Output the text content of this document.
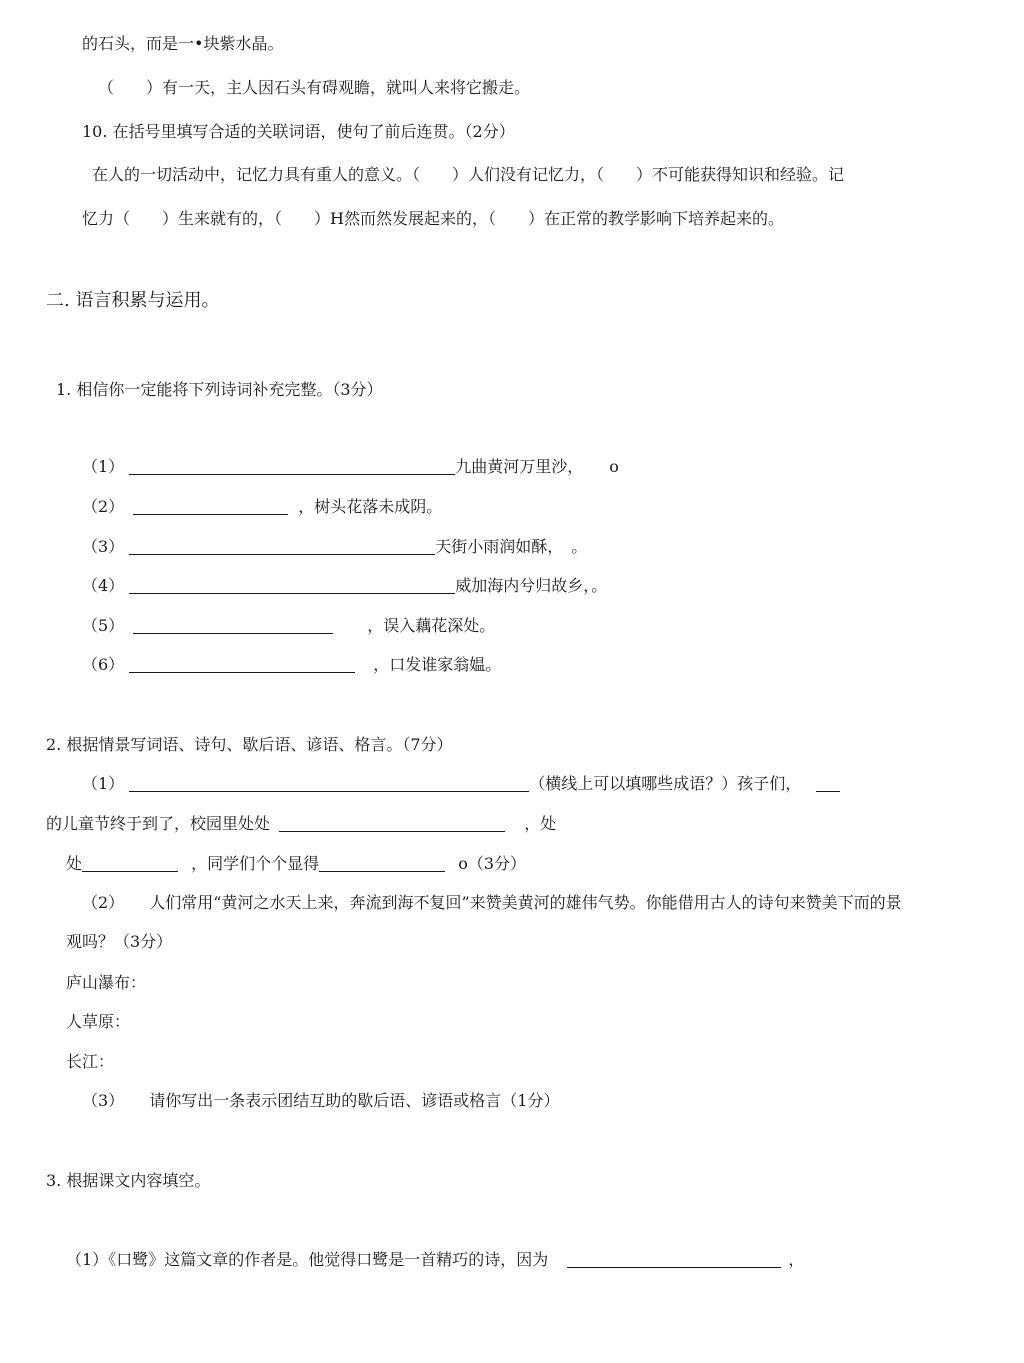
的石头，而是一•块紫水晶。
（　　）有一天，主人因石头有碍观瞻，就叫人来将它搬走。
10. 在括号里填写合适的关联词语，使句了前后连贯。（2分）
在人的一切活动中，记忆力具有重人的意义。（　　）人们没有记忆力，（　　）不可能获得知识和经验。记
忆力（　　）生来就有的，（　　）H然而然发展起来的，（　　）在正常的教学影响下培养起来的。
二. 语言积累与运用。
1. 相信你一定能将下列诗词补充完整。（3分）
（1）	九曲黄河万里沙， o
（2）	，树头花落未成阴。
（3）	天街小雨润如酥，　。
（4）	威加海内兮归故乡，。
（5）	，误入藕花深处。
（6）	，口发谁家翁媪。
2. 根据情景写词语、诗句、歇后语、谚语、格言。（7分）
（1）	（横线上可以填哪些成语？）孩子们，
的儿童节终于到了，校园里处处	，处
处	，同学们个个显得	o（3分）
（2） 人们常用“黄河之水天上来，奔流到海不复回”来赞美黄河的雄伟气势。你能借用古人的诗句来赞美下而的景
观吗？（3分）
庐山瀑布：
人草原：
长江：
（3） 请你写出一条表示团结互助的歇后语、谚语或格言（1分）
3. 根据课文内容填空。
（1）《口鹭》这篇文章的作者是。他觉得口鹭是一首精巧的诗，因为	，
